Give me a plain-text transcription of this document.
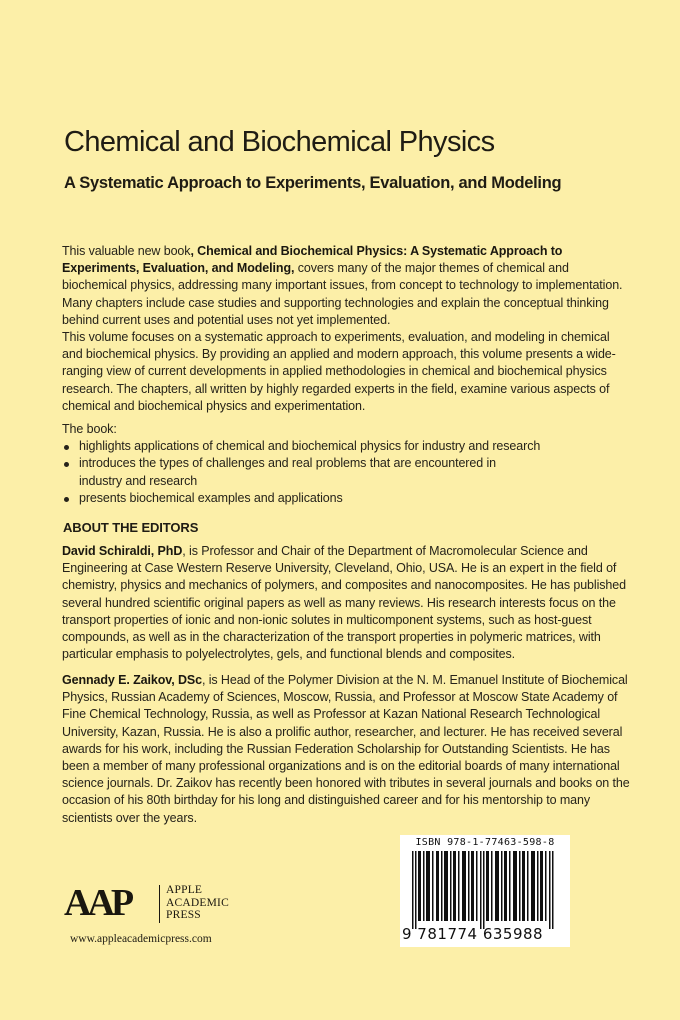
Chemical and Biochemical Physics
A Systematic Approach to Experiments, Evaluation, and Modeling

This valuable new book, Chemical and Biochemical Physics: A Systematic Approach to Experiments, Evaluation, and Modeling, covers many of the major themes of chemical and biochemical physics, addressing many important issues, from concept to technology to implementation. Many chapters include case studies and supporting technologies and explain the conceptual thinking behind current uses and potential uses not yet implemented.

This volume focuses on a systematic approach to experiments, evaluation, and modeling in chemical and biochemical physics. By providing an applied and modern approach, this volume presents a wide-ranging view of current developments in applied methodologies in chemical and biochemical physics research. The chapters, all written by highly regarded experts in the field, examine various aspects of chemical and biochemical physics and experimentation.

The book:

highlights applications of chemical and biochemical physics for industry and research
introduces the types of challenges and real problems that are encountered in industry and research
presents biochemical examples and applications
ABOUT THE EDITORS

David Schiraldi, PhD, is Professor and Chair of the Department of Macromolecular Science and Engineering at Case Western Reserve University, Cleveland, Ohio, USA. He is an expert in the field of chemistry, physics and mechanics of polymers, and composites and nanocomposites. He has published several hundred scientific original papers as well as many reviews. His research interests focus on the transport properties of ionic and non-ionic solutes in multicomponent systems, such as host-guest compounds, as well as in the characterization of the transport properties in polymeric matrices, with particular emphasis to polyelectrolytes, gels, and functional blends and composites.

Gennady E. Zaikov, DSc, is Head of the Polymer Division at the N. M. Emanuel Institute of Biochemical Physics, Russian Academy of Sciences, Moscow, Russia, and Professor at Moscow State Academy of Fine Chemical Technology, Russia, as well as Professor at Kazan National Research Technological University, Kazan, Russia. He is also a prolific author, researcher, and lecturer. He has received several awards for his work, including the Russian Federation Scholarship for Outstanding Scientists. He has been a member of many professional organizations and is on the editorial boards of many international science journals. Dr. Zaikov has recently been honored with tributes in several journals and books on the occasion of his 80th birthday for his long and distinguished career and for his mentorship to many scientists over the years.

ISBN 978-1-77463-598-8
9 781774 635988
AAP	APPLE
ACADEMIC
PRESS
www.appleacademicpress.com
